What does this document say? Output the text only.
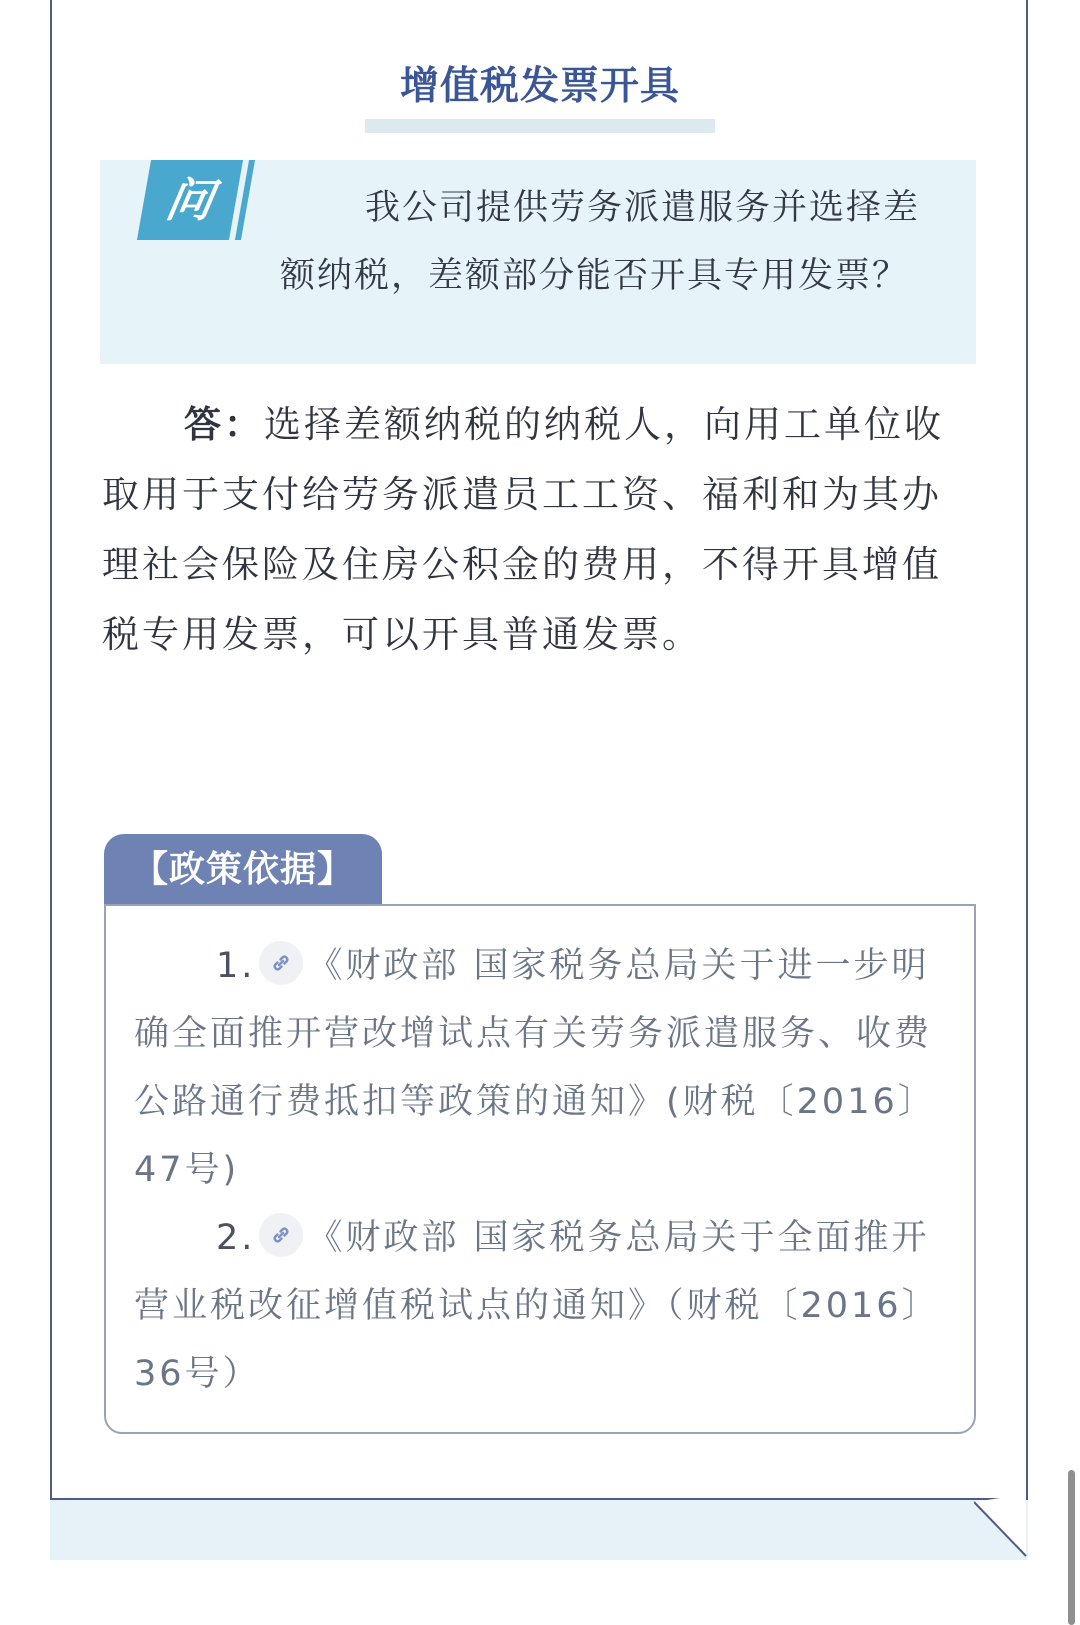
增值税发票开具
问	我公司提供劳务派遣服务并选择差额纳税，差额部分能否开具专用发票？

答：选择差额纳税的纳税人，向用工单位收取用于支付给劳务派遣员工工资、福利和为其办理社会保险及住房公积金的费用，不得开具增值税专用发票，可以开具普通发票。

【政策依据】

1. 《财政部 国家税务总局关于进一步明确全面推开营改增试点有关劳务派遣服务、收费公路通行费抵扣等政策的通知》(财税〔2016〕47号)

2. 《财政部 国家税务总局关于全面推开营业税改征增值税试点的通知》（财税〔2016〕36号）
